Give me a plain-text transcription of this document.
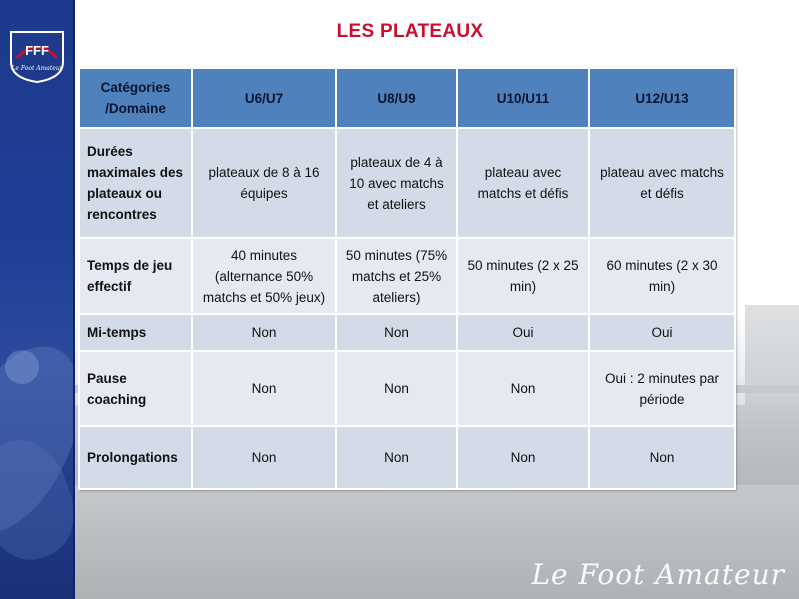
FFF
Le Foot Amateur
LES PLATEAUX
Catégories
/Domaine	U6/U7	U8/U9	U10/U11	U12/U13
Durées maximales des plateaux ou rencontres	plateaux de 8 à 16 équipes	plateaux de 4 à 10 avec matchs et ateliers	plateau avec matchs et défis	plateau avec matchs et défis
Temps de jeu effectif	40 minutes (alternance 50% matchs et 50% jeux)	50 minutes (75% matchs et 25% ateliers)	50 minutes (2 x 25 min)	60 minutes (2 x 30 min)
Mi-temps	Non	Non	Oui	Oui
Pause coaching	Non	Non	Non	Oui : 2 minutes par période
Prolongations	Non	Non	Non	Non
Le Foot Amateur
